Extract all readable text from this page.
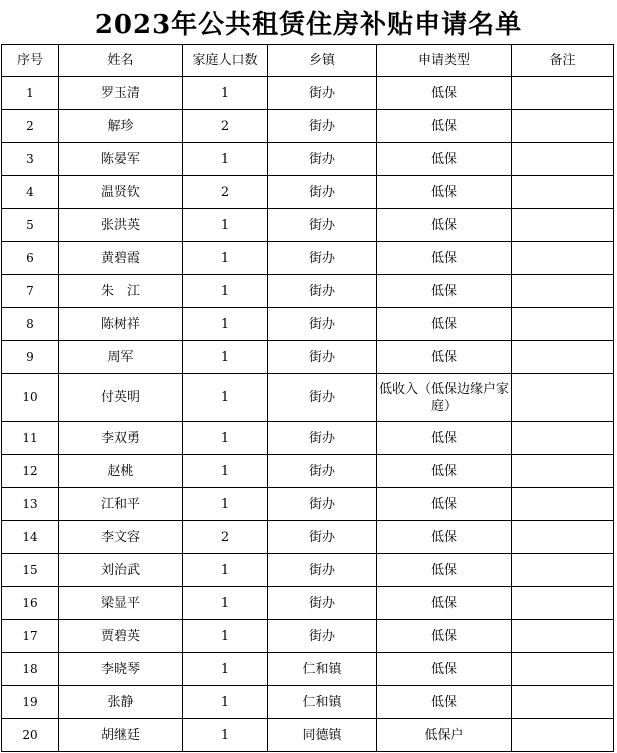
2023年公共租赁住房补贴申请名单
序号	姓名	家庭人口数	乡镇	申请类型	备注
1	罗玉清	1	街办	低保	
2	解珍	2	街办	低保	
3	陈晏军	1	街办	低保	
4	温贤钦	2	街办	低保	
5	张洪英	1	街办	低保	
6	黄碧霞	1	街办	低保	
7	朱　江	1	街办	低保	
8	陈树祥	1	街办	低保	
9	周军	1	街办	低保	
10	付英明	1	街办	低收入（低保边缘户家庭）	
11	李双勇	1	街办	低保	
12	赵桃	1	街办	低保	
13	江和平	1	街办	低保	
14	李文容	2	街办	低保	
15	刘治武	1	街办	低保	
16	梁显平	1	街办	低保	
17	贾碧英	1	街办	低保	
18	李晓琴	1	仁和镇	低保	
19	张静	1	仁和镇	低保	
20	胡继廷	1	同德镇	低保户	
